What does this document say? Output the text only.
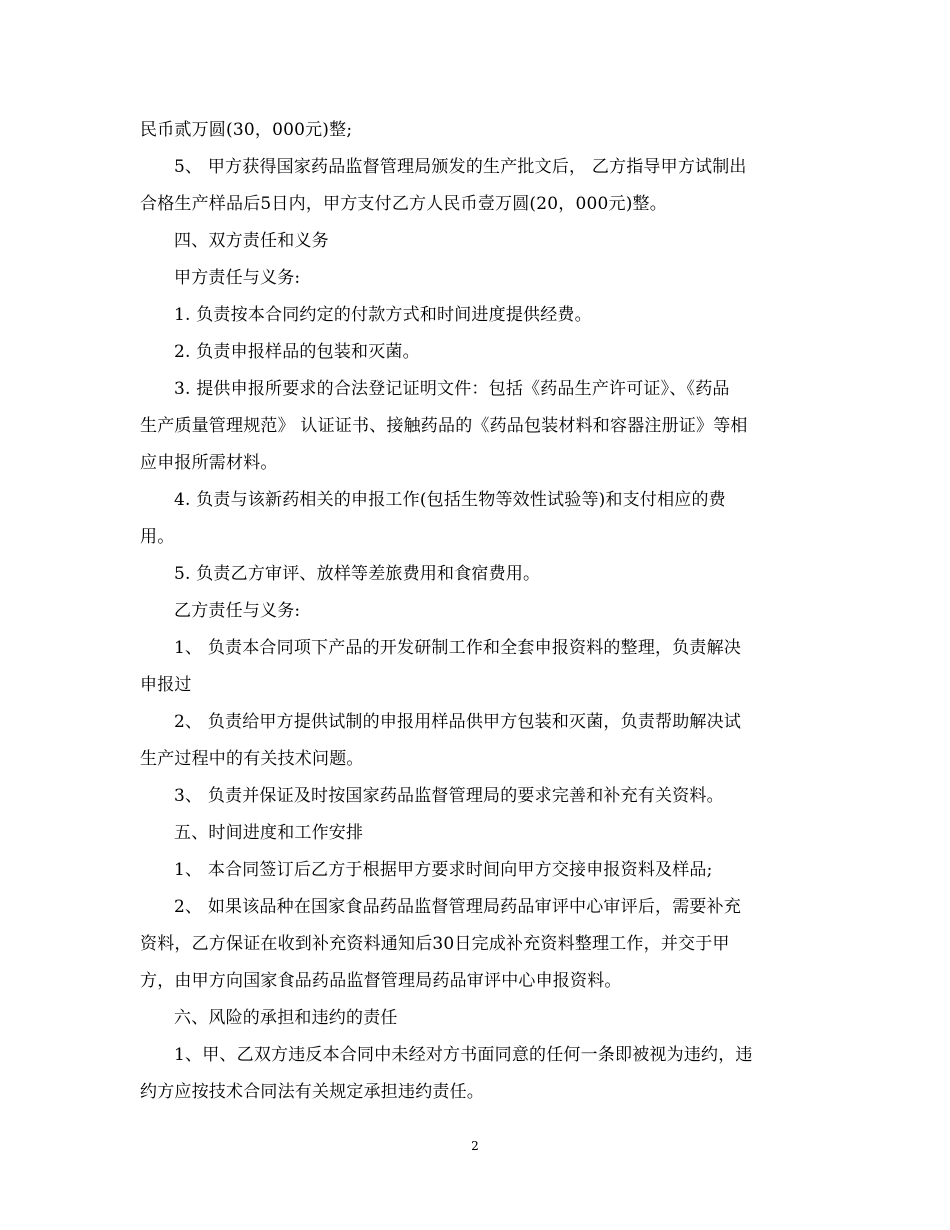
民币贰万圆(30，000元)整;
5、 甲方获得国家药品监督管理局颁发的生产批文后， 乙方指导甲方试制出
合格生产样品后5日内，甲方支付乙方人民币壹万圆(20，000元)整。
四、双方责任和义务
甲方责任与义务:
1. 负责按本合同约定的付款方式和时间进度提供经费。
2. 负责申报样品的包装和灭菌。
3. 提供申报所要求的合法登记证明文件：包括《药品生产许可证》、《药品
生产质量管理规范》 认证证书、接触药品的《药品包装材料和容器注册证》等相
应申报所需材料。
4. 负责与该新药相关的申报工作(包括生物等效性试验等)和支付相应的费
用。
5. 负责乙方审评、放样等差旅费用和食宿费用。
乙方责任与义务:
1、 负责本合同项下产品的开发研制工作和全套申报资料的整理，负责解决
申报过
2、 负责给甲方提供试制的申报用样品供甲方包装和灭菌，负责帮助解决试
生产过程中的有关技术问题。
3、 负责并保证及时按国家药品监督管理局的要求完善和补充有关资料。
五、时间进度和工作安排
1、 本合同签订后乙方于根据甲方要求时间向甲方交接申报资料及样品;
2、 如果该品种在国家食品药品监督管理局药品审评中心审评后，需要补充
资料，乙方保证在收到补充资料通知后30日完成补充资料整理工作，并交于甲
方，由甲方向国家食品药品监督管理局药品审评中心申报资料。
六、风险的承担和违约的责任
1、甲、乙双方违反本合同中未经对方书面同意的任何一条即被视为违约，违
约方应按技术合同法有关规定承担违约责任。
2
